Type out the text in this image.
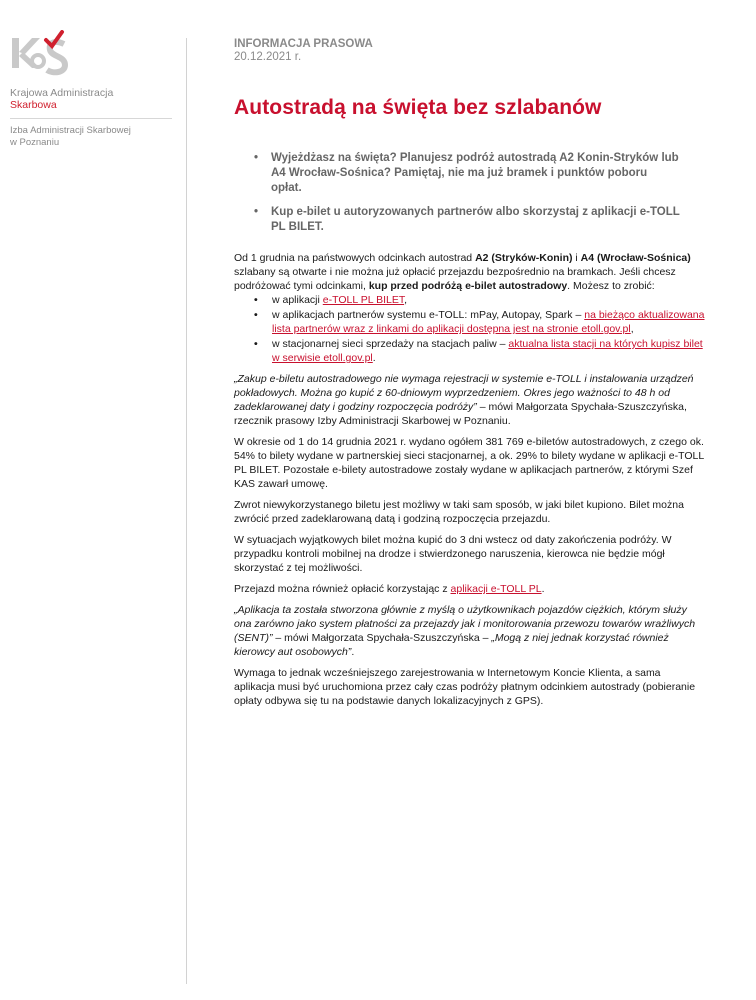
Krajowa Administracja
Skarbowa
Izba Administracji Skarbowej
w Poznaniu
INFORMACJA PRASOWA
20.12.2021 r.
Autostradą na święta bez szlabanów
• Wyjeżdżasz na święta? Planujesz podróż autostradą A2 Konin-Stryków lub A4 Wrocław-Sośnica? Pamiętaj, nie ma już bramek i punktów poboru opłat.
• Kup e-bilet u autoryzowanych partnerów albo skorzystaj z aplikacji e-TOLL PL BILET.

Od 1 grudnia na państwowych odcinkach autostrad A2 (Stryków-Konin) i A4 (Wrocław-Sośnica) szlabany są otwarte i nie można już opłacić przejazdu bezpośrednio na bramkach. Jeśli chcesz podróżować tymi odcinkami, kup przed podróżą e-bilet autostradowy. Możesz to zrobić:

• w aplikacji e-TOLL PL BILET,
• w aplikacjach partnerów systemu e-TOLL: mPay, Autopay, Spark – na bieżąco aktualizowana lista partnerów wraz z linkami do aplikacji dostępna jest na stronie etoll.gov.pl,
• w stacjonarnej sieci sprzedaży na stacjach paliw – aktualna lista stacji na których kupisz bilet w serwisie etoll.gov.pl.

„Zakup e-biletu autostradowego nie wymaga rejestracji w systemie e-TOLL i instalowania urządzeń pokładowych. Można go kupić z 60-dniowym wyprzedzeniem. Okres jego ważności to 48 h od zadeklarowanej daty i godziny rozpoczęcia podróży” – mówi Małgorzata Spychała-Szuszczyńska, rzecznik prasowy Izby Administracji Skarbowej w Poznaniu.

W okresie od 1 do 14 grudnia 2021 r. wydano ogółem 381 769 e-biletów autostradowych, z czego ok. 54% to bilety wydane w partnerskiej sieci stacjonarnej, a ok. 29% to bilety wydane w aplikacji e-TOLL PL BILET. Pozostałe e-bilety autostradowe zostały wydane w aplikacjach partnerów, z którymi Szef KAS zawarł umowę.

Zwrot niewykorzystanego biletu jest możliwy w taki sam sposób, w jaki bilet kupiono. Bilet można zwrócić przed zadeklarowaną datą i godziną rozpoczęcia przejazdu.

W sytuacjach wyjątkowych bilet można kupić do 3 dni wstecz od daty zakończenia podróży. W przypadku kontroli mobilnej na drodze i stwierdzonego naruszenia, kierowca nie będzie mógł skorzystać z tej możliwości.

Przejazd można również opłacić korzystając z aplikacji e-TOLL PL.

„Aplikacja ta została stworzona głównie z myślą o użytkownikach pojazdów ciężkich, którym służy ona zarówno jako system płatności za przejazdy jak i monitorowania przewozu towarów wrażliwych (SENT)” – mówi Małgorzata Spychała-Szuszczyńska – „Mogą z niej jednak korzystać również kierowcy aut osobowych”.

Wymaga to jednak wcześniejszego zarejestrowania w Internetowym Koncie Klienta, a sama aplikacja musi być uruchomiona przez cały czas podróży płatnym odcinkiem autostrady (pobieranie opłaty odbywa się tu na podstawie danych lokalizacyjnych z GPS).
